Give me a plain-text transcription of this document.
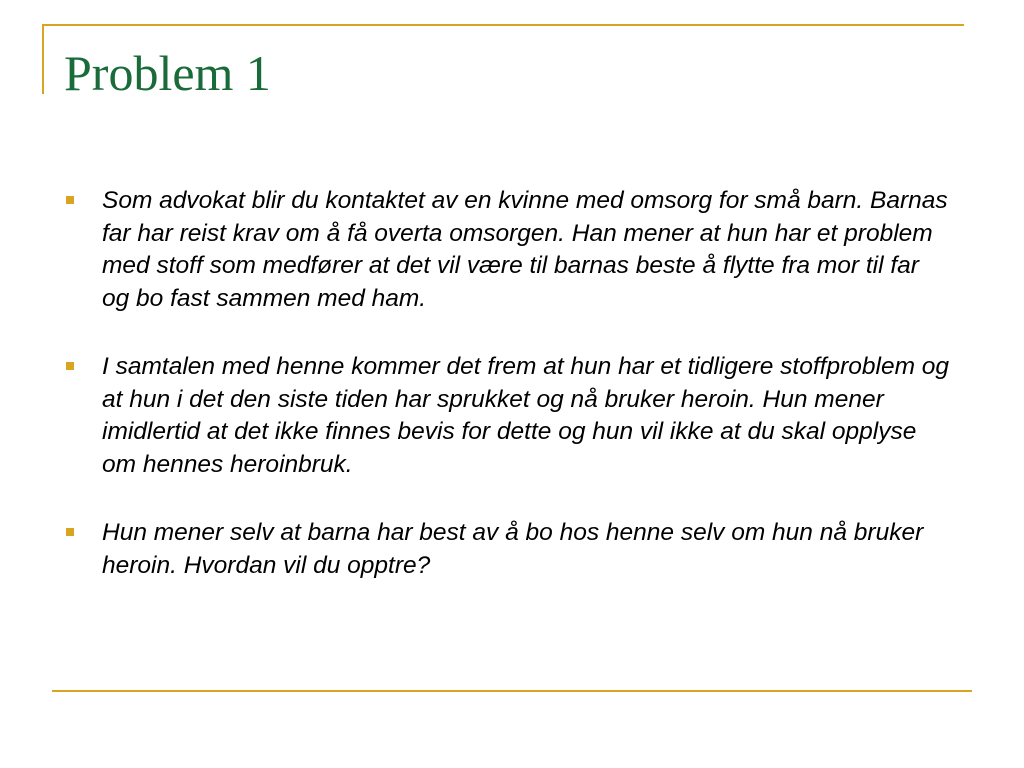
Problem 1
Som advokat blir du kontaktet av en kvinne med omsorg for små barn. Barnas far har reist krav om å få overta omsorgen. Han mener at hun har et problem med stoff som medfører at det vil være til barnas beste å flytte fra mor til far og bo fast sammen med ham.
I samtalen med henne kommer det frem at hun har et tidligere stoffproblem og at hun i det den siste tiden har sprukket og nå bruker heroin. Hun mener imidlertid at det ikke finnes bevis for dette og hun vil ikke at du skal opplyse om hennes heroinbruk.
Hun mener selv at barna har best av å bo hos henne selv om hun nå bruker heroin. Hvordan vil du opptre?
